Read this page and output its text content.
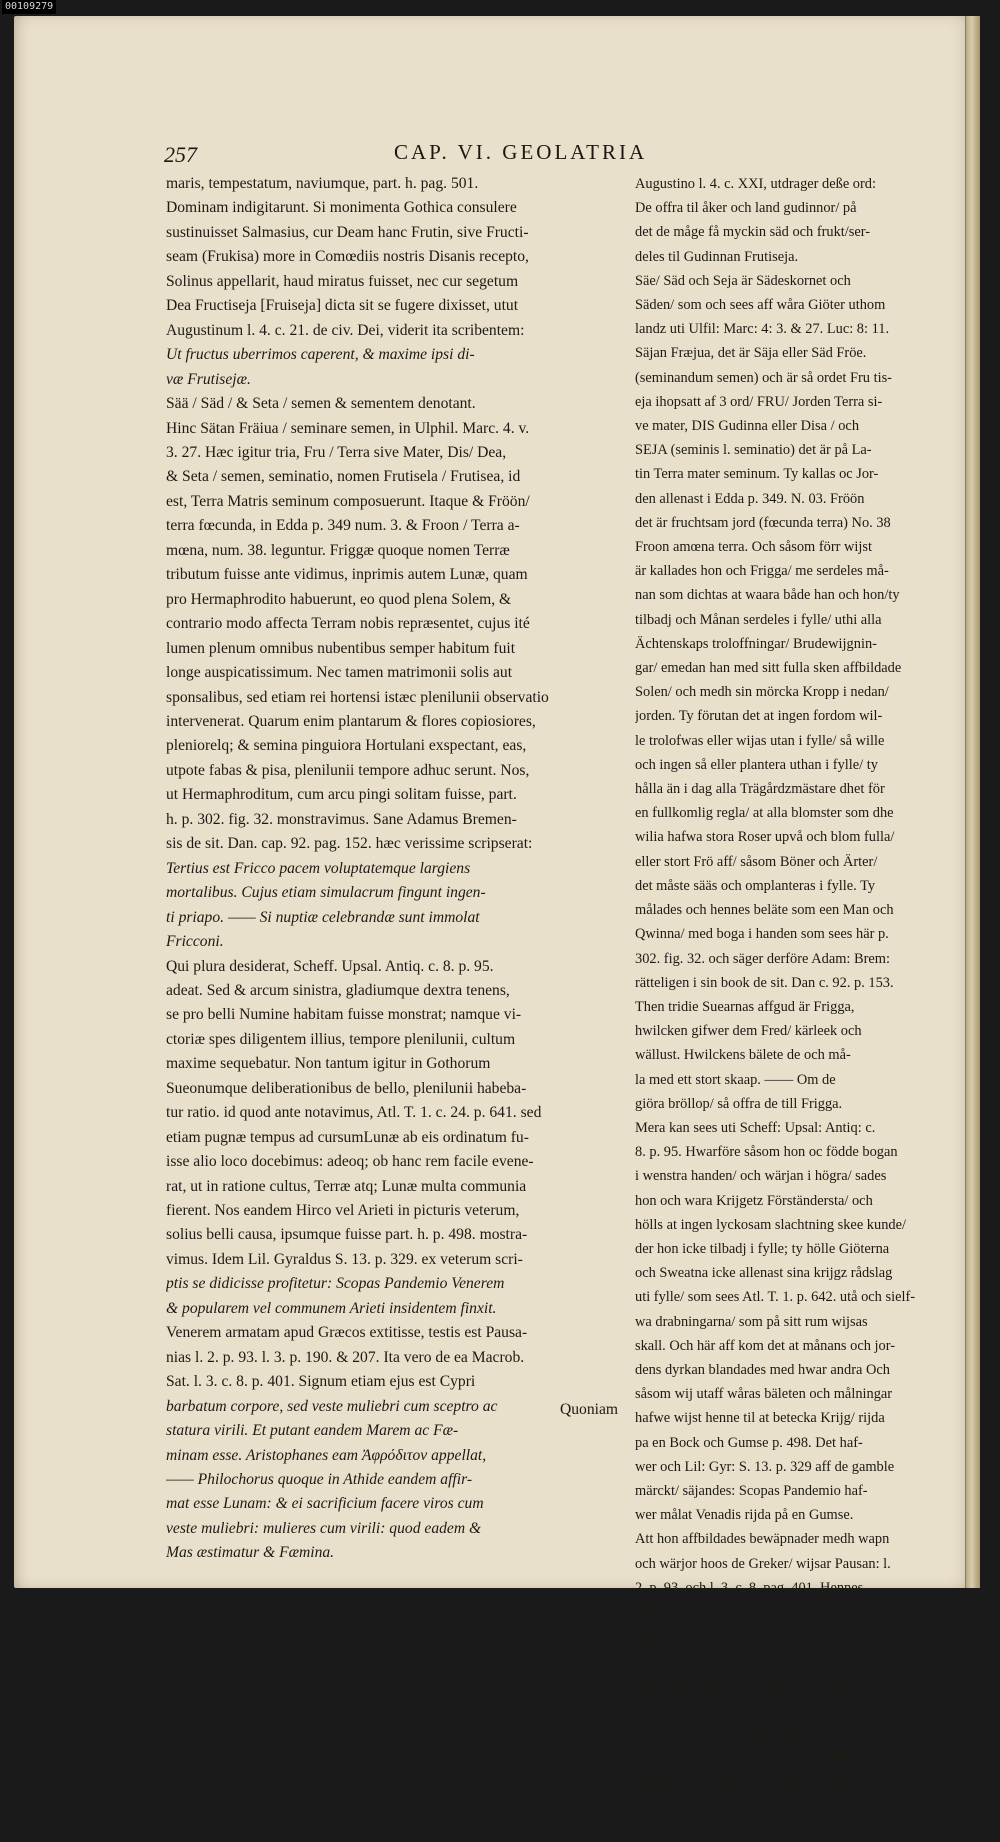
00109279
257	CAP. VI. GEOLATRIA
maris, tempestatum, naviumque, part. h. pag. 501.
Dominam indigitarunt. Si monimenta Gothica consulere
sustinuisset Salmasius, cur Deam hanc Frutin, sive Fructi-
seam (Frukisa) more in Comœdiis nostris Disanis recepto,
Solinus appellarit, haud miratus fuisset, nec cur segetum
Dea Fructiseja [Fruiseja] dicta sit se fugere dixisset, utut
Augustinum l. 4. c. 21. de civ. Dei, viderit ita scribentem:
Ut fructus uberrimos caperent, & maxime ipsi di-
væ Frutisejæ.
Sää / Säd / & Seta / semen & sementem denotant.
Hinc Sätan Fräiua / seminare semen, in Ulphil. Marc. 4. v.
3. 27. Hæc igitur tria, Fru / Terra sive Mater, Dis/ Dea,
& Seta / semen, seminatio, nomen Frutisela / Frutisea, id
est, Terra Matris seminum composuerunt. Itaque & Fröön/
terra fœcunda, in Edda p. 349 num. 3. & Froon / Terra a-
mœna, num. 38. leguntur. Friggæ quoque nomen Terræ
tributum fuisse ante vidimus, inprimis autem Lunæ, quam
pro Hermaphrodito habuerunt, eo quod plena Solem, &
contrario modo affecta Terram nobis repræsentet, cujus ité
lumen plenum omnibus nubentibus semper habitum fuit
longe auspicatissimum. Nec tamen matrimonii solis aut
sponsalibus, sed etiam rei hortensi istæc plenilunii observatio
intervenerat. Quarum enim plantarum & flores copiosiores,
pleniorelq; & semina pinguiora Hortulani exspectant, eas,
utpote fabas & pisa, plenilunii tempore adhuc serunt. Nos,
ut Hermaphroditum, cum arcu pingi solitam fuisse, part.
h. p. 302. fig. 32. monstravimus. Sane Adamus Bremen-
sis de sit. Dan. cap. 92. pag. 152. hæc verissime scripserat:
Tertius est Fricco pacem voluptatemque largiens
mortalibus. Cujus etiam simulacrum fingunt ingen-
ti priapo. —— Si nuptiæ celebrandæ sunt immolat
Fricconi.
Qui plura desiderat, Scheff. Upsal. Antiq. c. 8. p. 95.
adeat. Sed & arcum sinistra, gladiumque dextra tenens,
se pro belli Numine habitam fuisse monstrat; namque vi-
ctoriæ spes diligentem illius, tempore plenilunii, cultum
maxime sequebatur. Non tantum igitur in Gothorum
Sueonumque deliberationibus de bello, plenilunii habeba-
tur ratio. id quod ante notavimus, Atl. T. 1. c. 24. p. 641. sed
etiam pugnæ tempus ad cursumLunæ ab eis ordinatum fu-
isse alio loco docebimus: adeoq; ob hanc rem facile evene-
rat, ut in ratione cultus, Terræ atq; Lunæ multa communia
fierent. Nos eandem Hirco vel Arieti in picturis veterum,
solius belli causa, ipsumque fuisse part. h. p. 498. mostra-
vimus. Idem Lil. Gyraldus S. 13. p. 329. ex veterum scri-
ptis se didicisse profitetur: Scopas Pandemio Venerem
& popularem vel communem Arieti insidentem finxit.
Venerem armatam apud Græcos extitisse, testis est Pausa-
nias l. 2. p. 93. l. 3. p. 190. & 207. Ita vero de ea Macrob.
Sat. l. 3. c. 8. p. 401. Signum etiam ejus est Cypri
barbatum corpore, sed veste muliebri cum sceptro ac
statura virili. Et putant eandem Marem ac Fæ-
minam esse. Aristophanes eam Ἀφρόδιτον appellat,
—— Philochorus quoque in Athide eandem affir-
mat esse Lunam: & ei sacrificium facere viros cum
veste muliebri: mulieres cum virili: quod eadem &
Mas æstimatur & Fæmina.
Augustino l. 4. c. XXI, utdrager deße ord:
De offra til åker och land gudinnor/ på
det de måge få myckin säd och frukt/ser-
deles til Gudinnan Frutiseja.
Säe/ Säd och Seja är Sädeskornet och
Säden/ som och sees aff wåra Giöter uthom
landz uti Ulfil: Marc: 4: 3. & 27. Luc: 8: 11.
Säjan Fræjua, det är Säja eller Säd Fröe.
(seminandum semen) och är så ordet Fru tis-
eja ihopsatt af 3 ord/ FRU/ Jorden Terra si-
ve mater, DIS Gudinna eller Disa / och
SEJA (seminis l. seminatio) det är på La-
tin Terra mater seminum. Ty kallas oc Jor-
den allenast i Edda p. 349. N. 03. Fröön
det är fruchtsam jord (fœcunda terra) No. 38
Froon amœna terra. Och såsom förr wijst
är kallades hon och Frigga/ me serdeles må-
nan som dichtas at waara både han och hon/ty
tilbadj och Månan serdeles i fylle/ uthi alla
Ächtenskaps troloffningar/ Brudewijgnin-
gar/ emedan han med sitt fulla sken affbildade
Solen/ och medh sin mörcka Kropp i nedan/
jorden. Ty förutan det at ingen fordom wil-
le trolofwas eller wijas utan i fylle/ så wille
och ingen så eller plantera uthan i fylle/ ty
hålla än i dag alla Trägårdzmästare dhet för
en fullkomlig regla/ at alla blomster som dhe
wilia hafwa stora Roser upvå och blom fulla/
eller stort Frö aff/ såsom Böner och Ärter/
det måste sääs och omplanteras i fylle. Ty
målades och hennes beläte som een Man och
Qwinna/ med boga i handen som sees här p.
302. fig. 32. och säger derföre Adam: Brem:
rätteligen i sin book de sit. Dan c. 92. p. 153.
Then tridie Suearnas affgud är Frigga,
hwilcken gifwer dem Fred/ kärleek och
wällust. Hwilckens bälete de och må-
la med ett stort skaap. —— Om de
giöra bröllop/ så offra de till Frigga.
Mera kan sees uti Scheff: Upsal: Antiq: c.
8. p. 95. Hwarföre såsom hon oc födde bogan
i wenstra handen/ och wärjan i högra/ sades
hon och wara Krijgetz Förständersta/ och
hölls at ingen lyckosam slachtning skee kunde/
der hon icke tilbadj i fylle; ty hölle Giöterna
och Sweatna icke allenast sina krijgz rådslag
uti fylle/ som sees Atl. T. 1. p. 642. utå och sielf-
wa drabningarna/ som på sitt rum wijsas
skall. Och här aff kom det at månans och jor-
dens dyrkan blandades med hwar andra Och
såsom wij utaff wåras bäleten och målningar
hafwe wijst henne til at betecka Krijg/ rijda
pa en Bock och Gumse p. 498. Det haf-
wer och Lil: Gyr: S. 13. p. 329 aff de gamble
märckt/ säjandes: Scopas Pandemio haf-
wer målat Venadis rijda på en Gumse.
Att hon affbildades bewäpnader medh wapn
och wärjor hoos de Greker/ wijsar Pausan: l.
2. p. 93. och l. 3. c. 8. pag. 401. Hennes
bälete hoos de Cyprer hafwer skiegg/ oc
qwinfolckzkläder med en spira i handen/
och en Mans skapnat/ ty tro de henne
wara både man och qwinna. —— Phi-
lochorus i sin Athide betygar henne wa-
ra man/ och de som offra till hene; äro
de manfolck/ så kläda de sig i qwinfolk;
kläder/ och äro de qwinfolck/ så draga
dhe på sigh Manfolckskläder/ emedan
hon hålles för Man och Qwinna.
Quoniam
